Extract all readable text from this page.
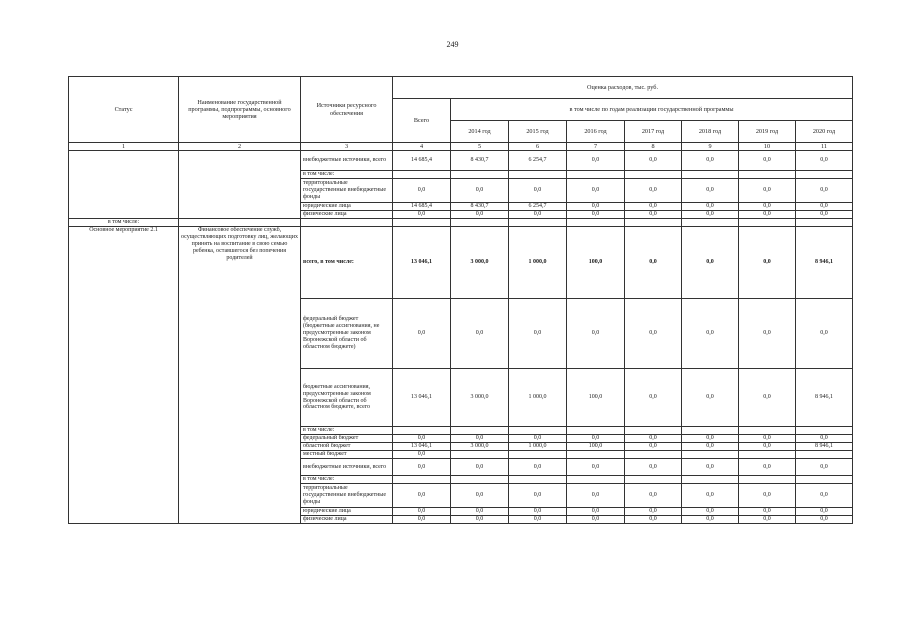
249
Статус	Наименование государственной программы, подпрограммы, основного мероприятия	Источники ресурсного обеспечения	Оценка расходов, тыс. руб.							
			Всего	в том числе по годам реализации государственной программы						
				2014 год	2015 год	2016 год	2017 год	2018 год	2019 год	2020 год
1	2	3	4	5	6	7	8	9	10	11
		внебюджетные источники, всего	14 685,4	8 430,7	6 254,7	0,0	0,0	0,0	0,0	0,0
		в том числе:								
		территориальные государственные внебюджетные фонды	0,0	0,0	0,0	0,0	0,0	0,0	0,0	0,0
		юридические лица	14 685,4	8 430,7	6 254,7	0,0	0,0	0,0	0,0	0,0
		физические лица	0,0	0,0	0,0	0,0	0,0	0,0	0,0	0,0
в том числе:										
Основное мероприятие 2.1	Финансовое обеспечение служб, осуществляющих подготовку лиц, желающих принять на воспитание в свою семью ребенка, оставшегося без попечения родителей	всего, в том числе:	13 046,1	3 000,0	1 000,0	100,0	0,0	0,0	0,0	8 946,1
		федеральный бюджет (бюджетные ассигнования, не предусмотренные законом Воронежской области об областном бюджете)	0,0	0,0	0,0	0,0	0,0	0,0	0,0	0,0
		бюджетные ассигнования, предусмотренные законом Воронежской области об областном бюджете, всего	13 046,1	3 000,0	1 000,0	100,0	0,0	0,0	0,0	8 946,1
		в том числе:								
		федеральный бюджет	0,0	0,0	0,0	0,0	0,0	0,0	0,0	0,0
		областной бюджет	13 046,1	3 000,0	1 000,0	100,0	0,0	0,0	0,0	8 946,1
		местный бюджет	0,0							
		внебюджетные источники, всего	0,0	0,0	0,0	0,0	0,0	0,0	0,0	0,0
		в том числе:								
		территориальные государственные внебюджетные фонды	0,0	0,0	0,0	0,0	0,0	0,0	0,0	0,0
		юридические лица	0,0	0,0	0,0	0,0	0,0	0,0	0,0	0,0
		физические лица	0,0	0,0	0,0	0,0	0,0	0,0	0,0	0,0
